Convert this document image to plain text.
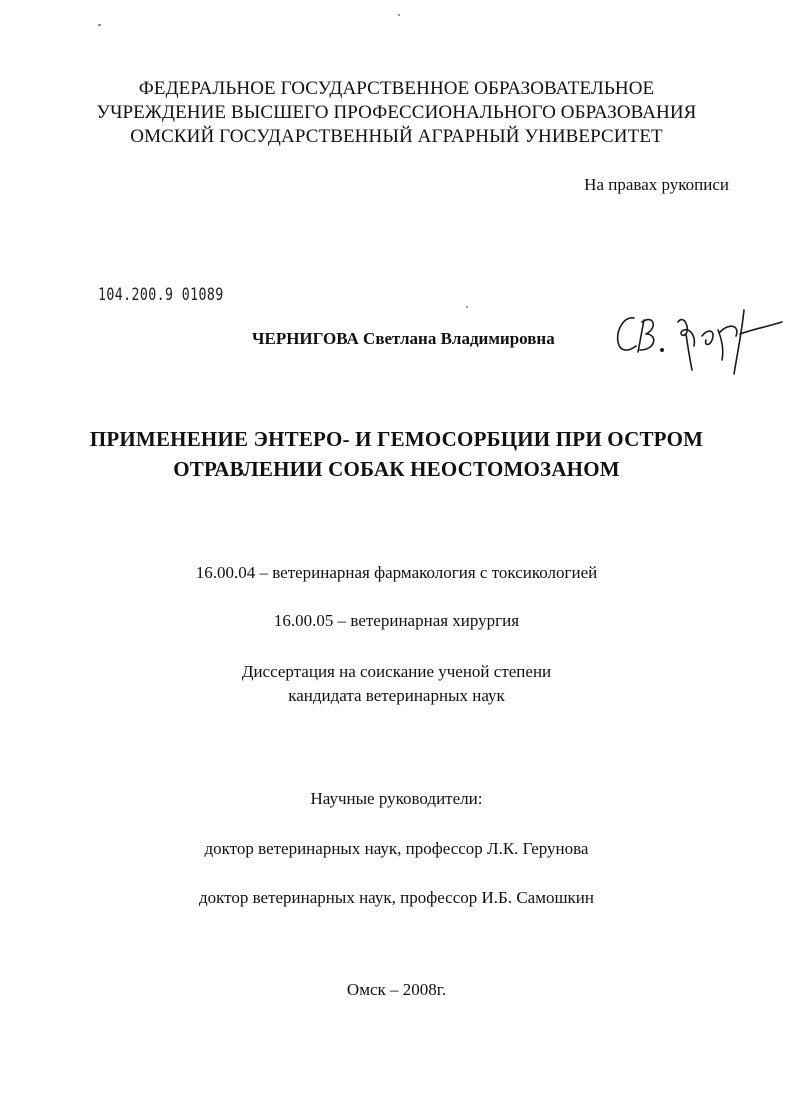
ФЕДЕРАЛЬНОЕ ГОСУДАРСТВЕННОЕ ОБРАЗОВАТЕЛЬНОЕ
УЧРЕЖДЕНИЕ ВЫСШЕГО ПРОФЕССИОНАЛЬНОГО ОБРАЗОВАНИЯ
ОМСКИЙ ГОСУДАРСТВЕННЫЙ АГРАРНЫЙ УНИВЕРСИТЕТ
На правах рукописи
104.200.9 01089
ЧЕРНИГОВА Светлана Владимировна
ПРИМЕНЕНИЕ ЭНТЕРО- И ГЕМОСОРБЦИИ ПРИ ОСТРОМ
ОТРАВЛЕНИИ СОБАК НЕОСТОМОЗАНОМ
16.00.04 – ветеринарная фармакология с токсикологией
16.00.05 – ветеринарная хирургия
Диссертация на соискание ученой степени
кандидата ветеринарных наук
Научные руководители:
доктор ветеринарных наук, профессор Л.К. Герунова
доктор ветеринарных наук, профессор И.Б. Самошкин
Омск – 2008г.
